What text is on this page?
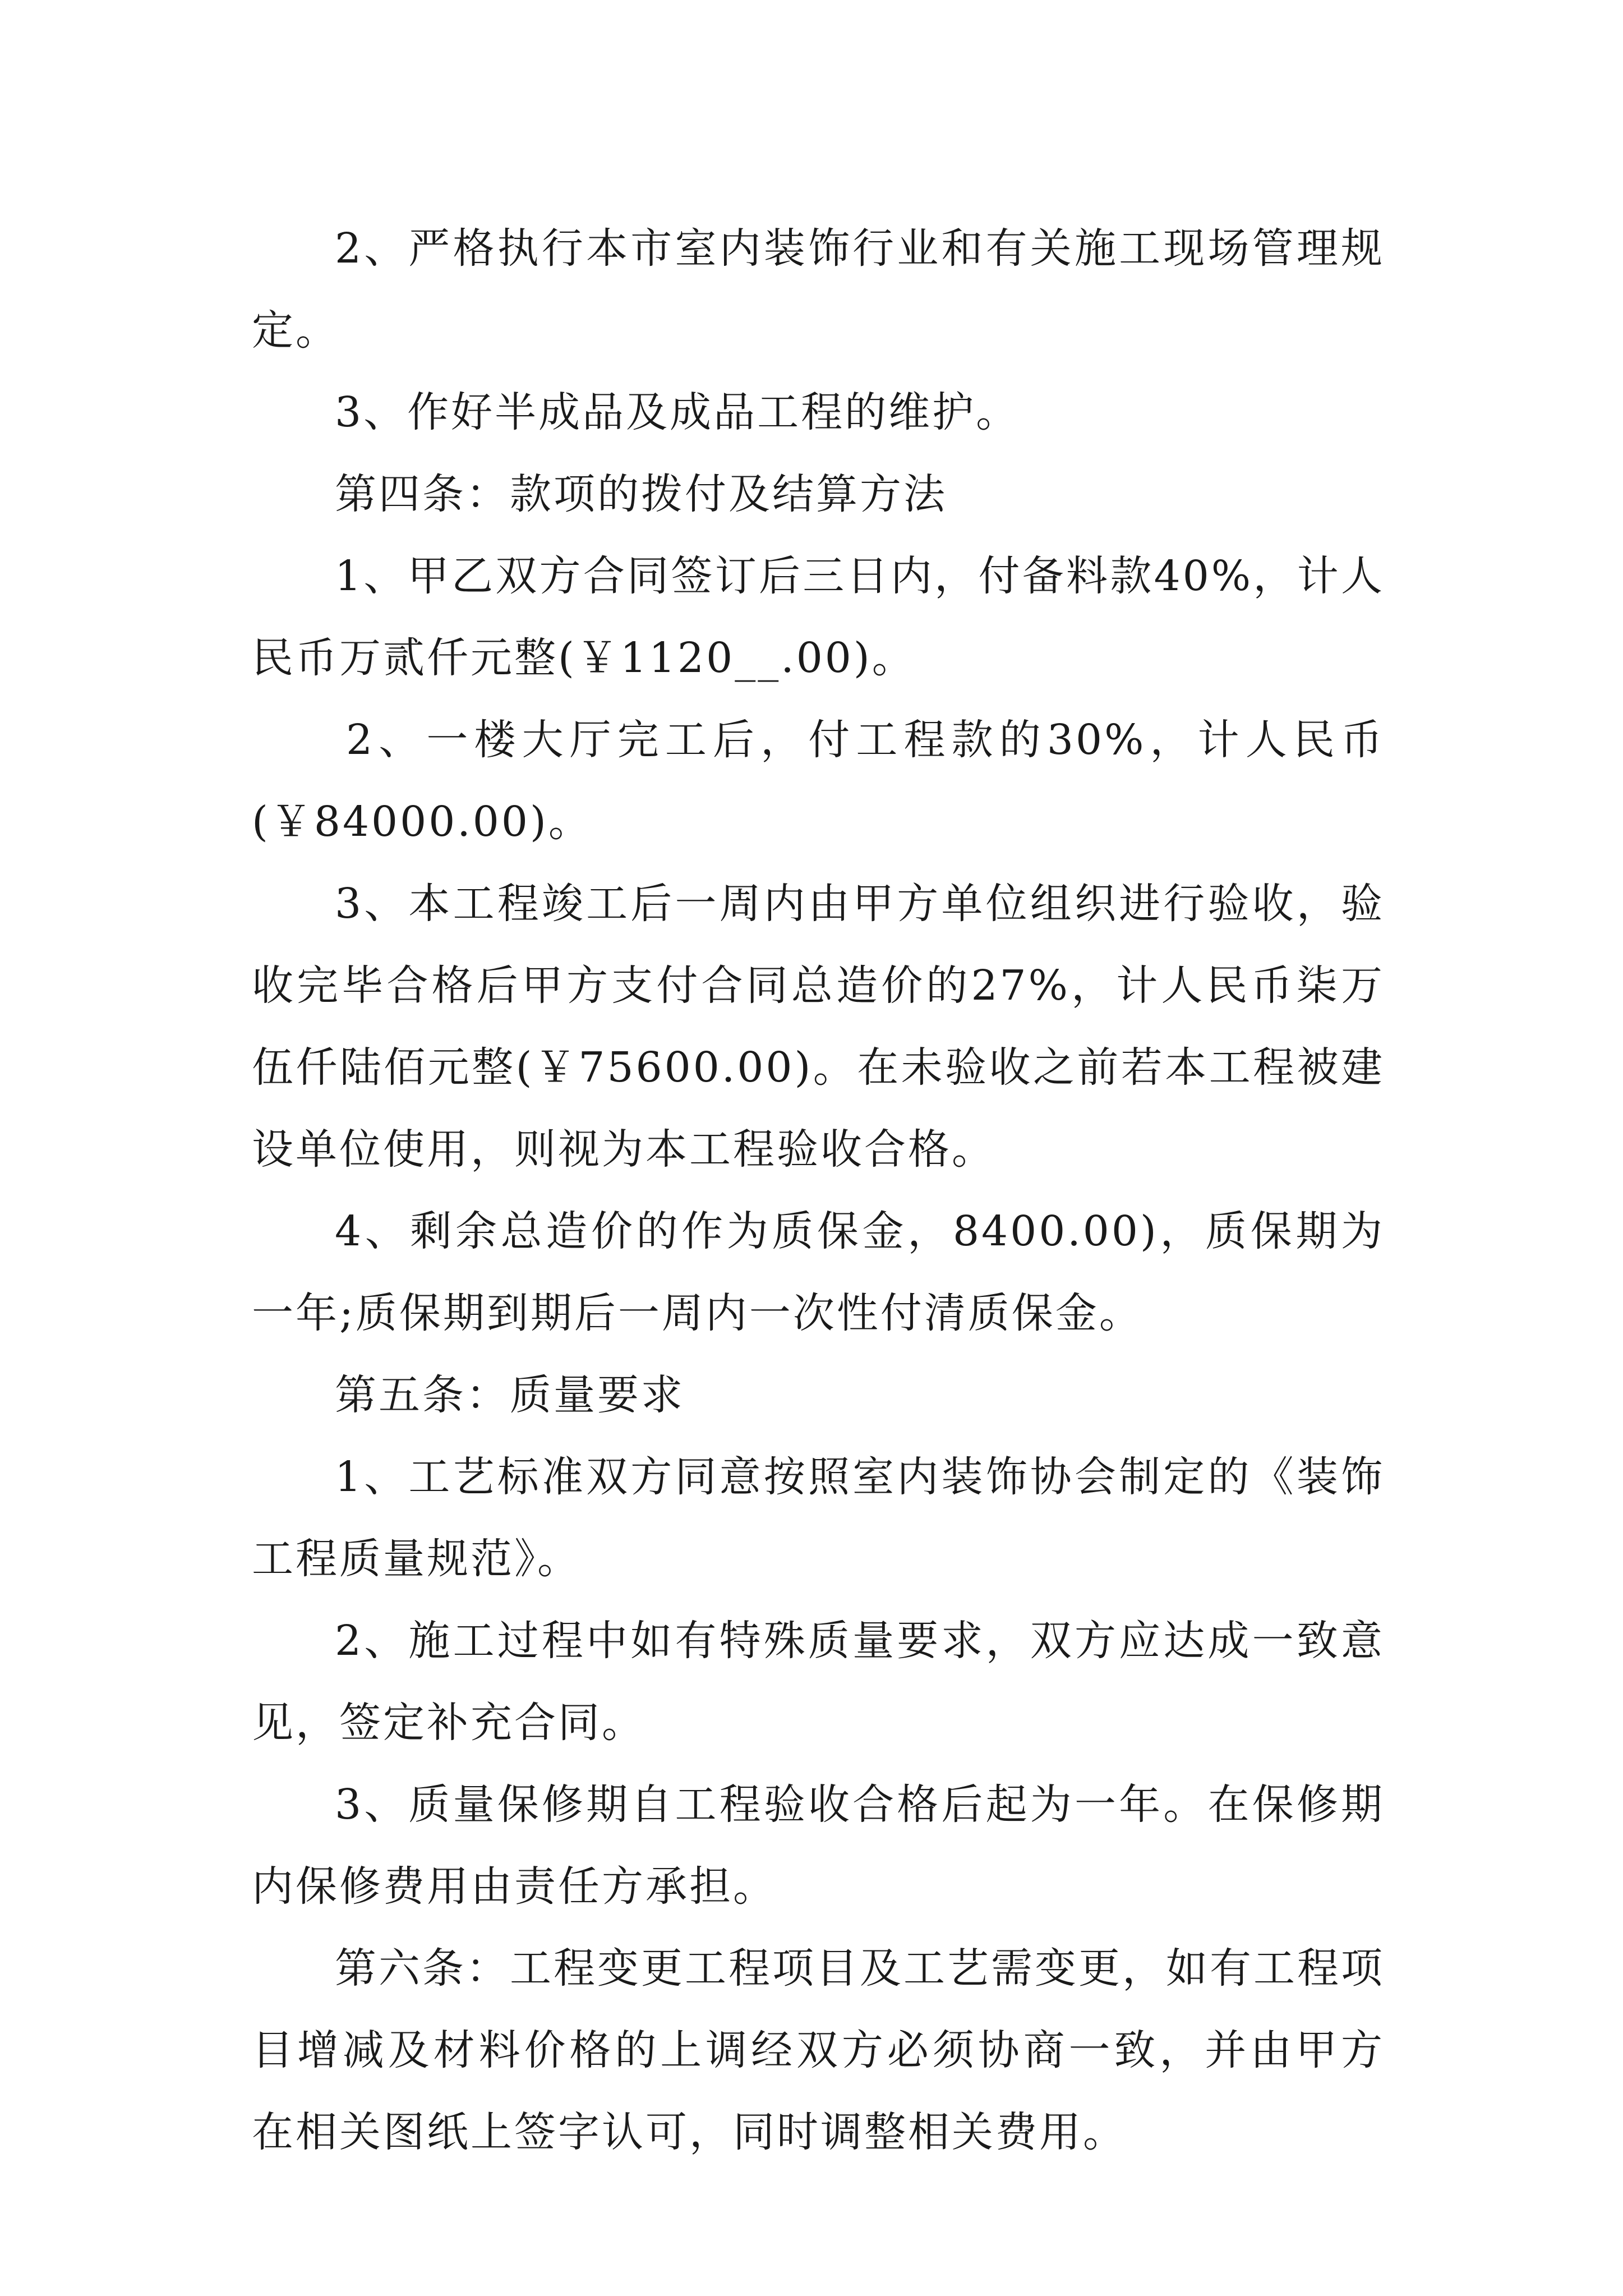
2、严格执行本市室内装饰行业和有关施工现场管理规定。

3、作好半成品及成品工程的维护。

第四条：款项的拨付及结算方法

1、甲乙双方合同签订后三日内，付备料款40%，计人民币万贰仟元整(￥1120__.00)。

2、一楼大厅完工后，付工程款的30%，计人民币(￥84000.00)。

3、本工程竣工后一周内由甲方单位组织进行验收，验收完毕合格后甲方支付合同总造价的27%，计人民币柒万伍仟陆佰元整(￥75600.00)。在未验收之前若本工程被建设单位使用，则视为本工程验收合格。

4、剩余总造价的作为质保金，8400.00)，质保期为一年;质保期到期后一周内一次性付清质保金。

第五条：质量要求

1、工艺标准双方同意按照室内装饰协会制定的《装饰工程质量规范》。

2、施工过程中如有特殊质量要求，双方应达成一致意见，签定补充合同。

3、质量保修期自工程验收合格后起为一年。在保修期内保修费用由责任方承担。

第六条：工程变更工程项目及工艺需变更，如有工程项目增减及材料价格的上调经双方必须协商一致，并由甲方在相关图纸上签字认可，同时调整相关费用。
